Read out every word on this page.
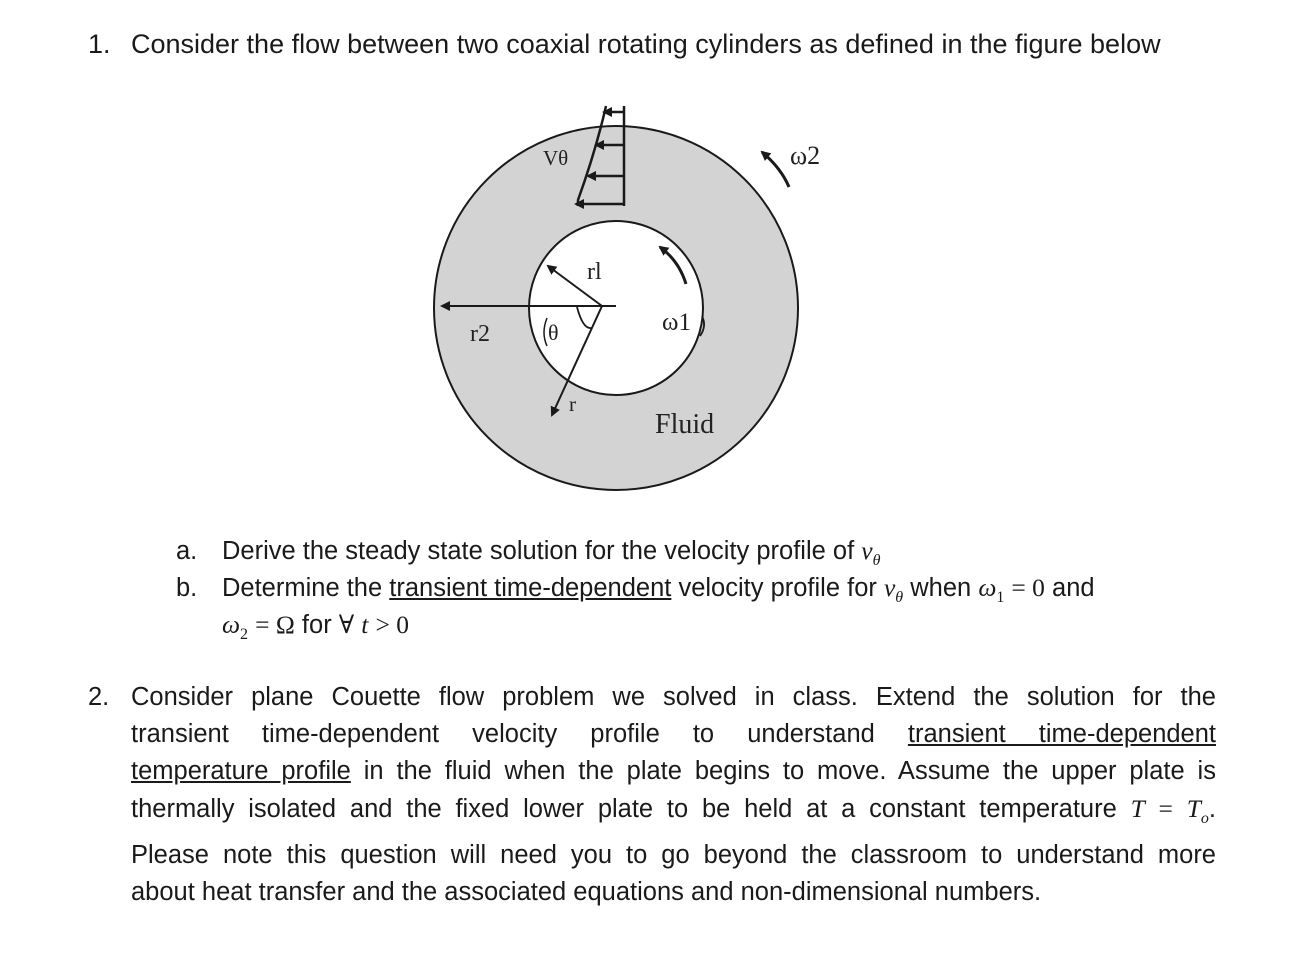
1. Consider the flow between two coaxial rotating cylinders as defined in the figure below
Vθ	ω2
rl
r2	θ	ω1
r
Fluid
a. Derive the steady state solution for the velocity profile of $v_\theta$
b. Determine the transient time-dependent velocity profile for $v_\theta$ when $\omega_1 = 0$ and
$\omega_2 = \Omega$ for ∀ t > 0
2. Consider plane Couette flow problem we solved in class. Extend the solution for the
transient time-dependent velocity profile to understand transient time-dependent
temperature profile in the fluid when the plate begins to move. Assume the upper plate is
thermally isolated and the fixed lower plate to be held at a constant temperature $T = T_o$.
Please note this question will need you to go beyond the classroom to understand more
about heat transfer and the associated equations and non-dimensional numbers.
